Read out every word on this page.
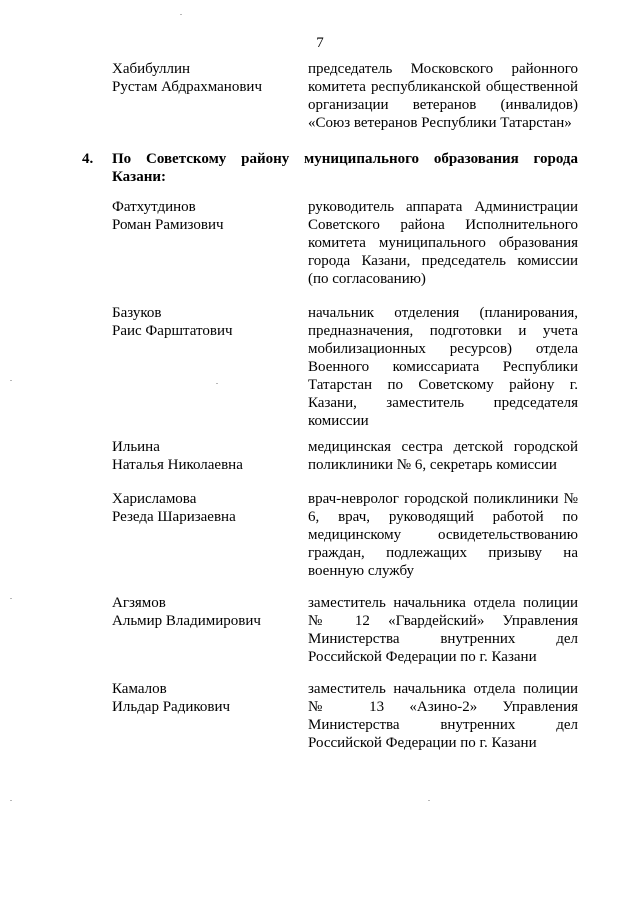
7
Хабибуллин
Рустам Абдрахманович
председатель Московского районного комитета республиканской общественной организации ветеранов (инвалидов) «Союз ветеранов Республики Татарстан»
4. По Советскому району муниципального образования города Казани:
Фатхутдинов
Роман Рамизович
руководитель аппарата Администрации Советского района Исполнительного комитета муниципального образования города Казани, председатель комиссии (по согласованию)
Базуков
Раис Фарштатович
начальник отделения (планирования, предназначения, подготовки и учета мобилизационных ресурсов) отдела Военного комиссариата Республики Татарстан по Советскому району г. Казани, заместитель председателя комиссии
Ильина
Наталья Николаевна
медицинская сестра детской городской поликлиники № 6, секретарь комиссии
Харисламова
Резеда Шаризаевна
врач-невролог городской поликлиники № 6, врач, руководящий работой по медицинскому освидетельствованию граждан, подлежащих призыву на военную службу
Агзямов
Альмир Владимирович
заместитель начальника отдела полиции № 12 «Гвардейский» Управления Министерства внутренних дел Российской Федерации по г. Казани
Камалов
Ильдар Радикович
заместитель начальника отдела полиции № 13 «Азино-2» Управления Министерства внутренних дел Российской Федерации по г. Казани
